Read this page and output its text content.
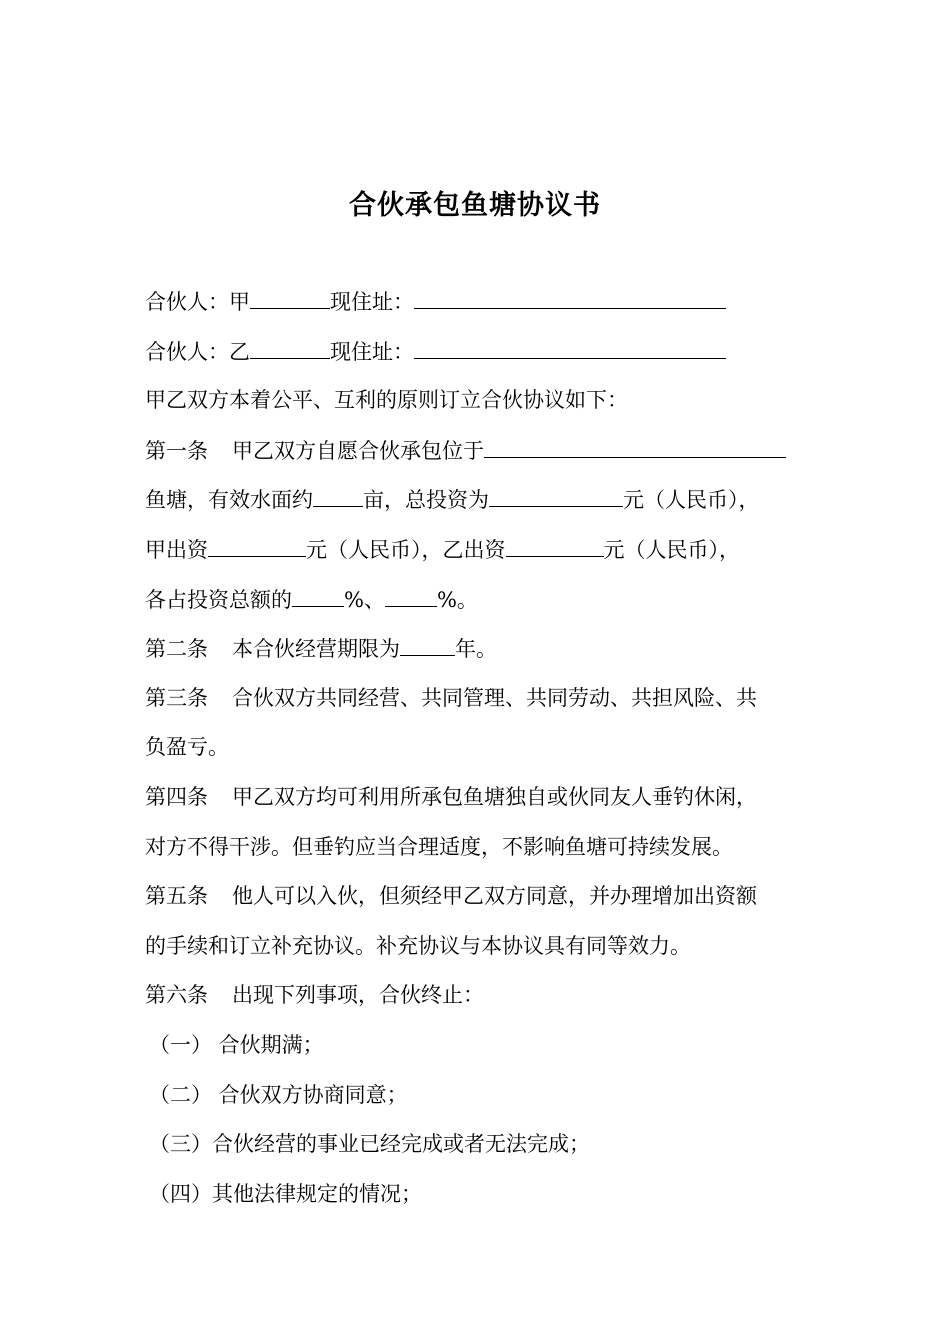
合伙承包鱼塘协议书
合伙人：甲	现住址：
合伙人：乙	现住址：
甲乙双方本着公平、互利的原则订立合伙协议如下：
第一条 甲乙双方自愿合伙承包位于
鱼塘，有效水面约 亩，总投资为	元（人民币），
甲出资	元（人民币），乙出资	元（人民币），
各占投资总额的 %、 %。
第二条 本合伙经营期限为	年。
第三条 合伙双方共同经营、共同管理、共同劳动、共担风险、共
负盈亏。
第四条 甲乙双方均可利用所承包鱼塘独自或伙同友人垂钓休闲，
对方不得干涉。但垂钓应当合理适度，不影响鱼塘可持续发展。
第五条 他人可以入伙，但须经甲乙双方同意，并办理增加出资额
的手续和订立补充协议。补充协议与本协议具有同等效力。
第六条 出现下列事项，合伙终止：
（一） 合伙期满；
（二） 合伙双方协商同意；
（三）合伙经营的事业已经完成或者无法完成；
（四）其他法律规定的情况；
